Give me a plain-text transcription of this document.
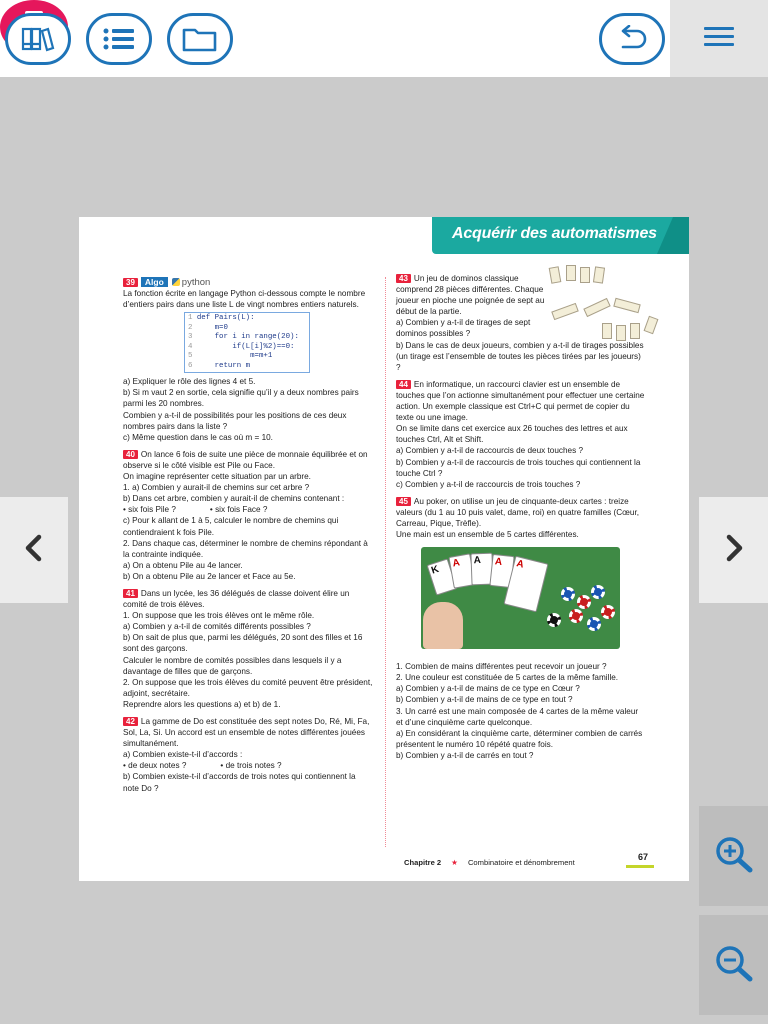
Acquérir des automatismes
39 Algo python

La fonction écrite en langage Python ci-dessous compte le nombre d’entiers pairs dans une liste L de vingt nombres entiers naturels.

1 def Pairs(L):
2     m=0
3     for i in range(20):
4         if(L[i]%2)==0:
5             m=m+1
6     return m

a) Expliquer le rôle des lignes 4 et 5.

b) Si m vaut 2 en sortie, cela signifie qu’il y a deux nombres pairs parmi les 20 nombres.

Combien y a-t-il de possibilités pour les positions de ces deux nombres pairs dans la liste ?

c) Même question dans le cas où m = 10.

40 On lance 6 fois de suite une pièce de monnaie équilibrée et on observe si le côté visible est Pile ou Face.

On imagine représenter cette situation par un arbre.

1. a) Combien y aurait-il de chemins sur cet arbre ?

b) Dans cet arbre, combien y aurait-il de chemins contenant :

• six fois Pile ?	• six fois Face ?

c) Pour k allant de 1 à 5, calculer le nombre de chemins qui contiendraient k fois Pile.

2. Dans chaque cas, déterminer le nombre de chemins répondant à la contrainte indiquée.

a) On a obtenu Pile au 4e lancer.

b) On a obtenu Pile au 2e lancer et Face au 5e.

41 Dans un lycée, les 36 délégués de classe doivent élire un comité de trois élèves.

1. On suppose que les trois élèves ont le même rôle.

a) Combien y a-t-il de comités différents possibles ?

b) On sait de plus que, parmi les délégués, 20 sont des filles et 16 sont des garçons.

Calculer le nombre de comités possibles dans lesquels il y a davantage de filles que de garçons.

2. On suppose que les trois élèves du comité peuvent être président, adjoint, secrétaire.

Reprendre alors les questions a) et b) de 1.

42 La gamme de Do est constituée des sept notes Do, Ré, Mi, Fa, Sol, La, Si. Un accord est un ensemble de notes différentes jouées simultanément.

a) Combien existe-t-il d’accords :

• de deux notes ?	• de trois notes ?

b) Combien existe-t-il d’accords de trois notes qui contiennent la note Do ?

43 Un jeu de dominos classique comprend 28 pièces différentes. Chaque joueur en pioche une poignée de sept au début de la partie.

a) Combien y a-t-il de tirages de sept dominos possibles ?

b) Dans le cas de deux joueurs, combien y a-t-il de tirages possibles (un tirage est l’ensemble de toutes les pièces tirées par les joueurs) ?

44 En informatique, un raccourci clavier est un ensemble de touches que l’on actionne simultanément pour effectuer une certaine action. Un exemple classique est Ctrl+C qui permet de copier du texte ou une image.

On se limite dans cet exercice aux 26 touches des lettres et aux touches Ctrl, Alt et Shift.

a) Combien y a-t-il de raccourcis de deux touches ?

b) Combien y a-t-il de raccourcis de trois touches qui contiennent la touche Ctrl ?

c) Combien y a-t-il de raccourcis de trois touches ?

45 Au poker, on utilise un jeu de cinquante-deux cartes : treize valeurs (du 1 au 10 puis valet, dame, roi) en quatre familles (Cœur, Carreau, Pique, Trèfle).

Une main est un ensemble de 5 cartes différentes.

K
A	A	A	A

1. Combien de mains différentes peut recevoir un joueur ?

2. Une couleur est constituée de 5 cartes de la même famille.

a) Combien y a-t-il de mains de ce type en Cœur ?

b) Combien y a-t-il de mains de ce type en tout ?

3. Un carré est une main composée de 4 cartes de la même valeur et d’une cinquième carte quelconque.

a) En considérant la cinquième carte, déterminer combien de carrés présentent le numéro 10 répété quatre fois.

b) Combien y a-t-il de carrés en tout ?

Chapitre 2 ★ Combinatoire et dénombrement	67
